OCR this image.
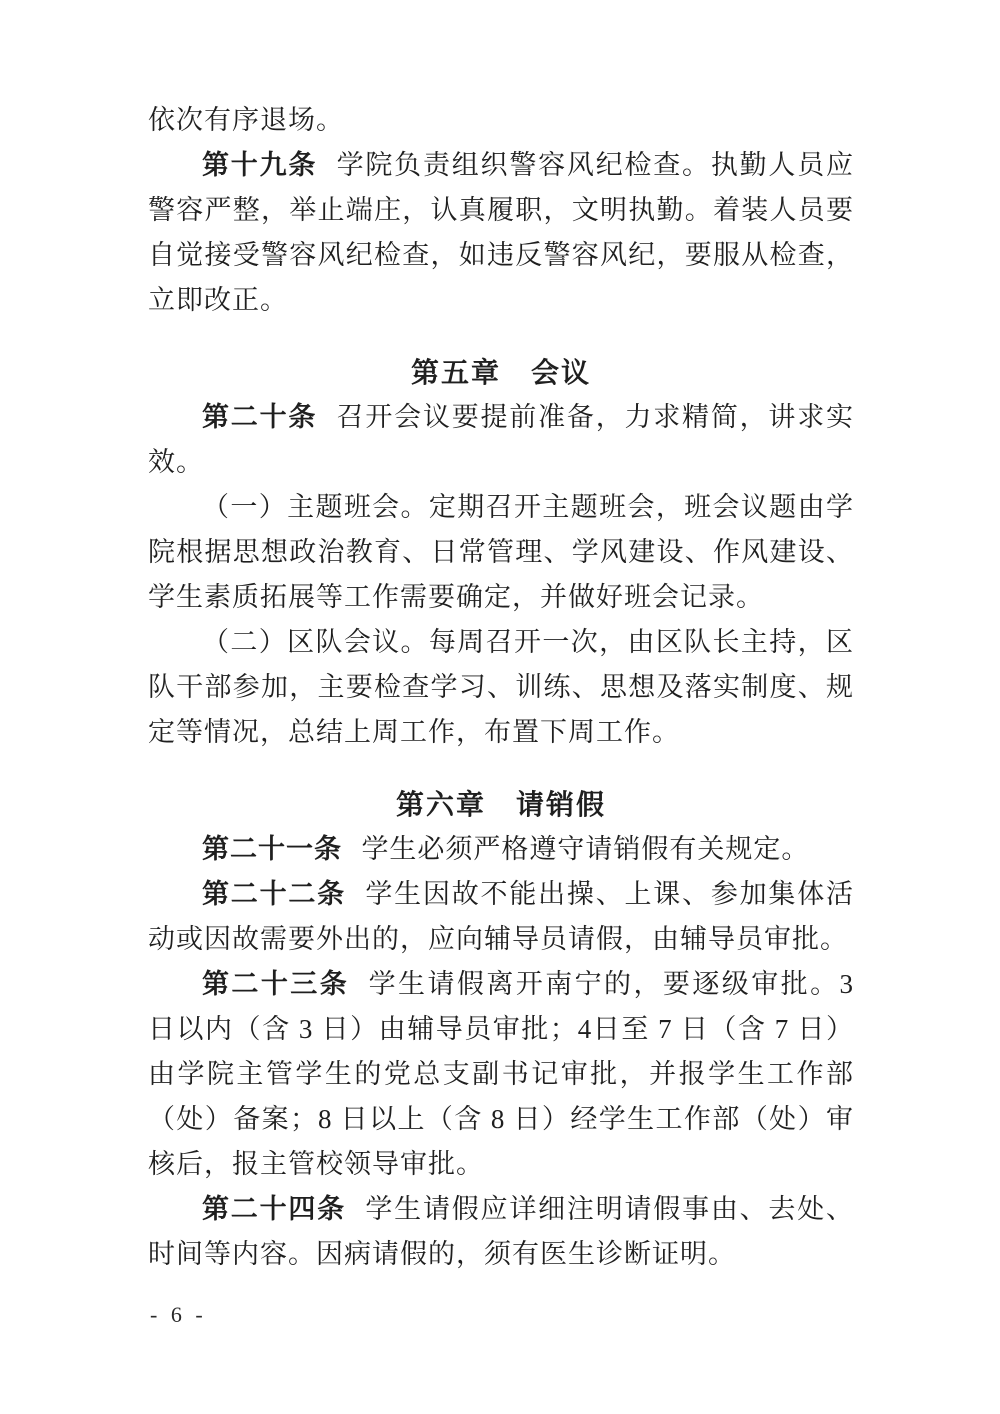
依次有序退场。

第十九条 学院负责组织警容风纪检查。执勤人员应警容严整，举止端庄，认真履职，文明执勤。着装人员要自觉接受警容风纪检查，如违反警容风纪，要服从检查，立即改正。

第五章　会议

第二十条 召开会议要提前准备，力求精简，讲求实效。

（一）主题班会。定期召开主题班会，班会议题由学院根据思想政治教育、日常管理、学风建设、作风建设、学生素质拓展等工作需要确定，并做好班会记录。

（二）区队会议。每周召开一次，由区队长主持，区队干部参加，主要检查学习、训练、思想及落实制度、规定等情况，总结上周工作，布置下周工作。

第六章　请销假

第二十一条 学生必须严格遵守请销假有关规定。

第二十二条 学生因故不能出操、上课、参加集体活动或因故需要外出的，应向辅导员请假，由辅导员审批。

第二十三条 学生请假离开南宁的，要逐级审批。3 日以内（含 3 日）由辅导员审批；4日至 7 日（含 7 日）由学院主管学生的党总支副书记审批，并报学生工作部（处）备案；8 日以上（含 8 日）经学生工作部（处）审核后，报主管校领导审批。

第二十四条 学生请假应详细注明请假事由、去处、时间等内容。因病请假的，须有医生诊断证明。

- 6 -
